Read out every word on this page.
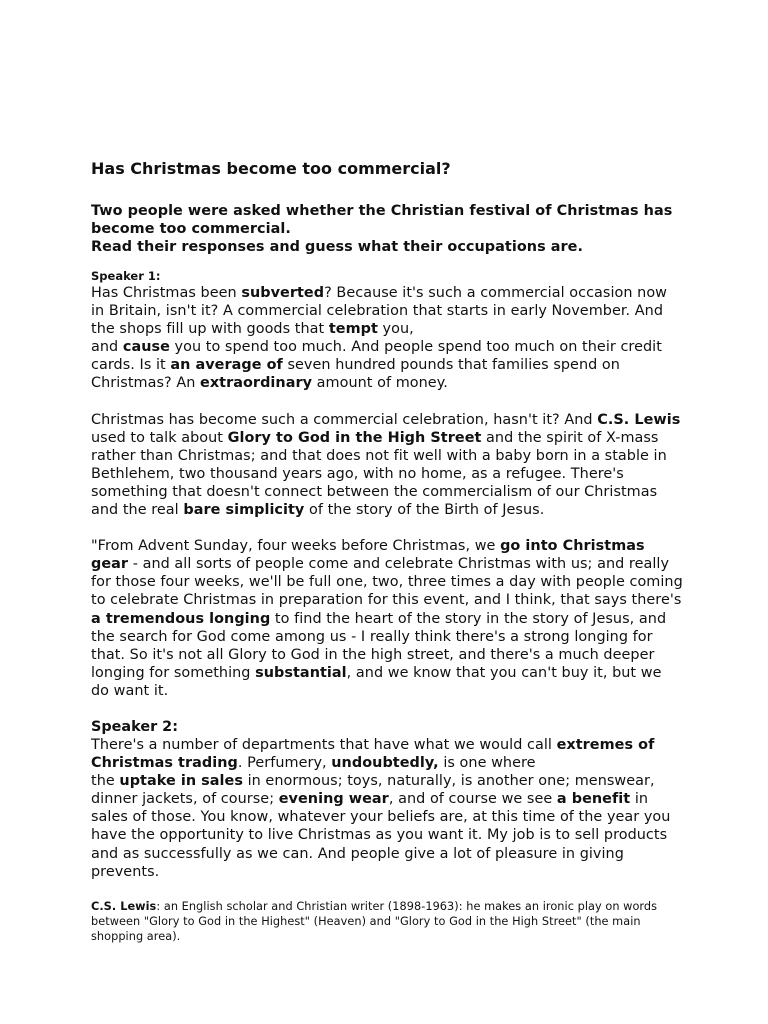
Has Christmas become too commercial?

Two people were asked whether the Christian festival of Christmas has become too commercial.
Read their responses and guess what their occupations are.

Speaker 1:

Has Christmas been subverted? Because it's such a commercial occasion now in Britain, isn't it? A commercial celebration that starts in early November. And the shops fill up with goods that tempt you,
and cause you to spend too much. And people spend too much on their credit cards. Is it an average of seven hundred pounds that families spend on Christmas? An extraordinary amount of money.

Christmas has become such a commercial celebration, hasn't it? And C.S. Lewis used to talk about Glory to God in the High Street and the spirit of X-mass rather than Christmas; and that does not fit well with a baby born in a stable in Bethlehem, two thousand years ago, with no home, as a refugee. There's something that doesn't connect between the commercialism of our Christmas and the real bare simplicity of the story of the Birth of Jesus.

"From Advent Sunday, four weeks before Christmas, we go into Christmas gear - and all sorts of people come and celebrate Christmas with us; and really for those four weeks, we'll be full one, two, three times a day with people coming to celebrate Christmas in preparation for this event, and I think, that says there's a tremendous longing to find the heart of the story in the story of Jesus, and the search for God come among us - I really think there's a strong longing for that. So it's not all Glory to God in the high street, and there's a much deeper longing for something substantial, and we know that you can't buy it, but we do want it.

Speaker 2:

There's a number of departments that have what we would call extremes of Christmas trading. Perfumery, undoubtedly, is one where
the uptake in sales in enormous; toys, naturally, is another one; menswear, dinner jackets, of course; evening wear, and of course we see a benefit in sales of those. You know, whatever your beliefs are, at this time of the year you have the opportunity to live Christmas as you want it. My job is to sell products and as successfully as we can. And people give a lot of pleasure in giving prevents.

C.S. Lewis: an English scholar and Christian writer (1898-1963): he makes an ironic play on words between "Glory to God in the Highest" (Heaven) and "Glory to God in the High Street" (the main shopping area).
